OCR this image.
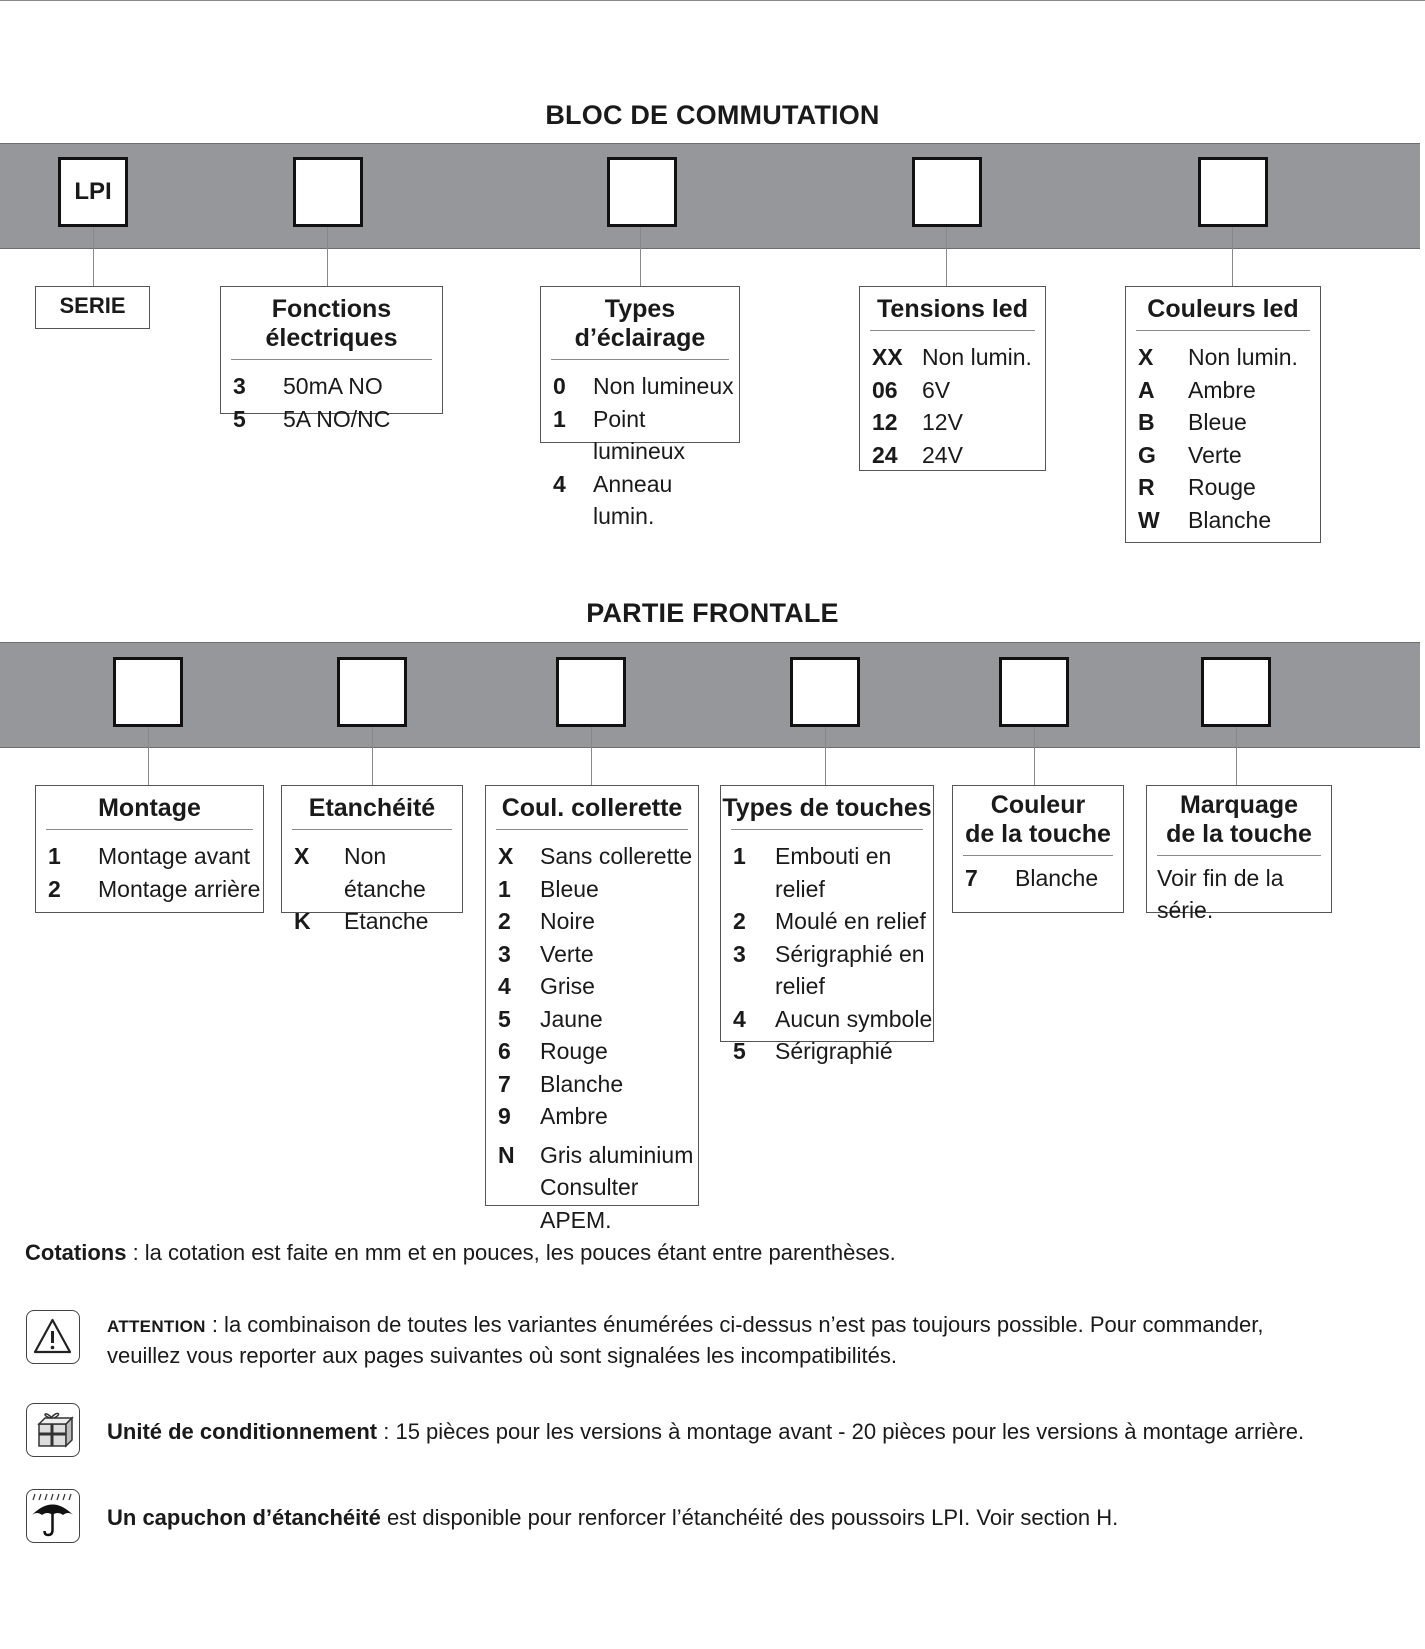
BLOC DE COMMUTATION
LPI
SERIE	Fonctions électriques
3	50mA NO
5	5A NO/NC
Types d’éclairage
0	Non lumineux
1	Point lumineux
4	Anneau lumin.
Tensions led
XX Non lumin.
06	6V
12	12V
24	24V
Couleurs led
X	Non lumin.
A	Ambre
B	Bleue
G	Verte
R	Rouge
W	Blanche
PARTIE FRONTALE
Montage
1	Montage avant
2	Montage arrière
Etanchéité
X	Non étanche
K	Etanche
Coul. collerette
X	Sans collerette
1	Bleue
2	Noire
3	Verte
4	Grise
5	Jaune
6	Rouge
7	Blanche
9	Ambre
N	Gris aluminium
Consulter APEM.
Types de touches
1	Embouti en relief
2	Moulé en relief
3	Sérigraphié en
relief
4	Aucun symbole
5	Sérigraphié
Couleur
de la touche
7	Blanche
Marquage
de la touche
Voir fin de la série.
Cotations : la cotation est faite en mm et en pouces, les pouces étant entre parenthèses.
ATTENTION : la combinaison de toutes les variantes énumérées ci-dessus n’est pas toujours possible. Pour commander,
veuillez vous reporter aux pages suivantes où sont signalées les incompatibilités.
Unité de conditionnement : 15 pièces pour les versions à montage avant - 20 pièces pour les versions à montage arrière.
Un capuchon d’étanchéité est disponible pour renforcer l’étanchéité des poussoirs LPI. Voir section H.
